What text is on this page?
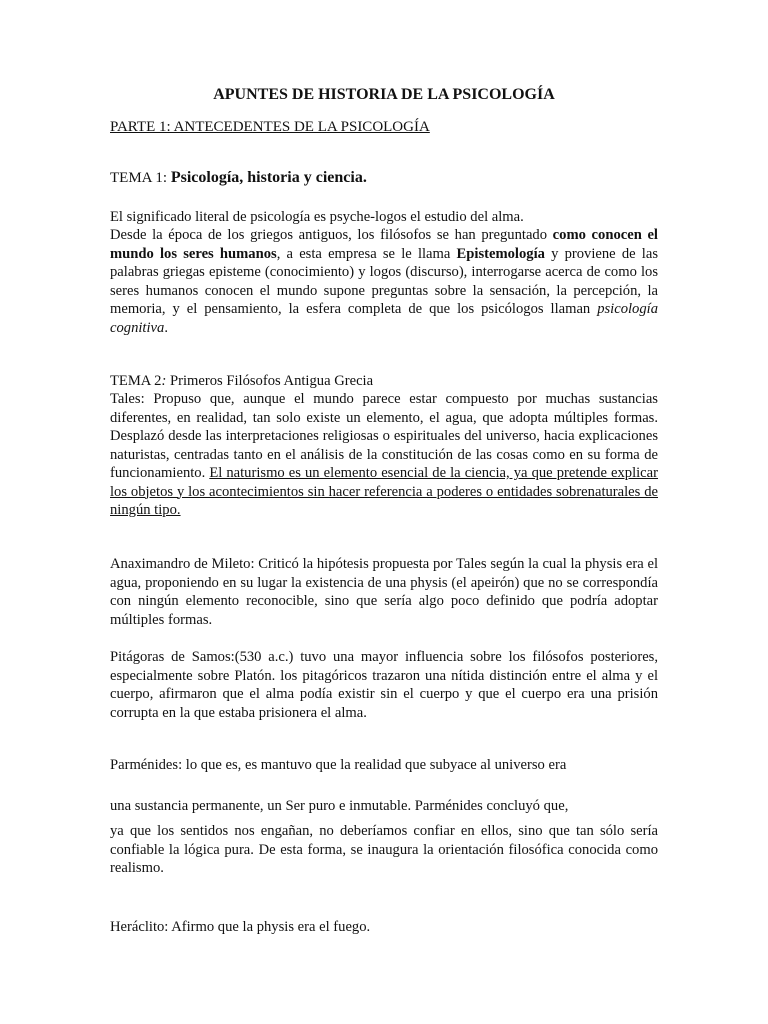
APUNTES DE HISTORIA DE LA PSICOLOGÍA

PARTE 1: ANTECEDENTES DE LA PSICOLOGÍA

TEMA 1: Psicología, historia y ciencia.

El significado literal de psicología es psyche-logos el estudio del alma.

Desde la época de los griegos antiguos, los filósofos se han preguntado como conocen el mundo los seres humanos, a esta empresa se le llama Epistemología y proviene de las palabras griegas episteme (conocimiento) y logos (discurso), interrogarse acerca de como los seres humanos conocen el mundo supone preguntas sobre la sensación, la percepción, la memoria, y el pensamiento, la esfera completa de que los psicólogos llaman psicología cognitiva.

TEMA 2: Primeros Filósofos Antigua Grecia

Tales: Propuso que, aunque el mundo parece estar compuesto por muchas sustancias diferentes, en realidad, tan solo existe un elemento, el agua, que adopta múltiples formas. Desplazó desde las interpretaciones religiosas o espirituales del universo, hacia explicaciones naturistas, centradas tanto en el análisis de la constitución de las cosas como en su forma de funcionamiento. El naturismo es un elemento esencial de la ciencia, ya que pretende explicar los objetos y los acontecimientos sin hacer referencia a poderes o entidades sobrenaturales de ningún tipo.

Anaximandro de Mileto: Criticó la hipótesis propuesta por Tales según la cual la physis era el agua, proponiendo en su lugar la existencia de una physis (el apeirón) que no se correspondía con ningún elemento reconocible, sino que sería algo poco definido que podría adoptar múltiples formas.

Pitágoras de Samos:(530 a.c.) tuvo una mayor influencia sobre los filósofos posteriores, especialmente sobre Platón. los pitagóricos trazaron una nítida distinción entre el alma y el cuerpo, afirmaron que el alma podía existir sin el cuerpo y que el cuerpo era una prisión corrupta en la que estaba prisionera el alma.

Parménides: lo que es, es mantuvo que la realidad que subyace al universo era

una sustancia permanente, un Ser puro e inmutable. Parménides concluyó que,

ya que los sentidos nos engañan, no deberíamos confiar en ellos, sino que tan sólo sería confiable la lógica pura. De esta forma, se inaugura la orientación filosófica conocida como realismo.

Heráclito: Afirmo que la physis era el fuego.
